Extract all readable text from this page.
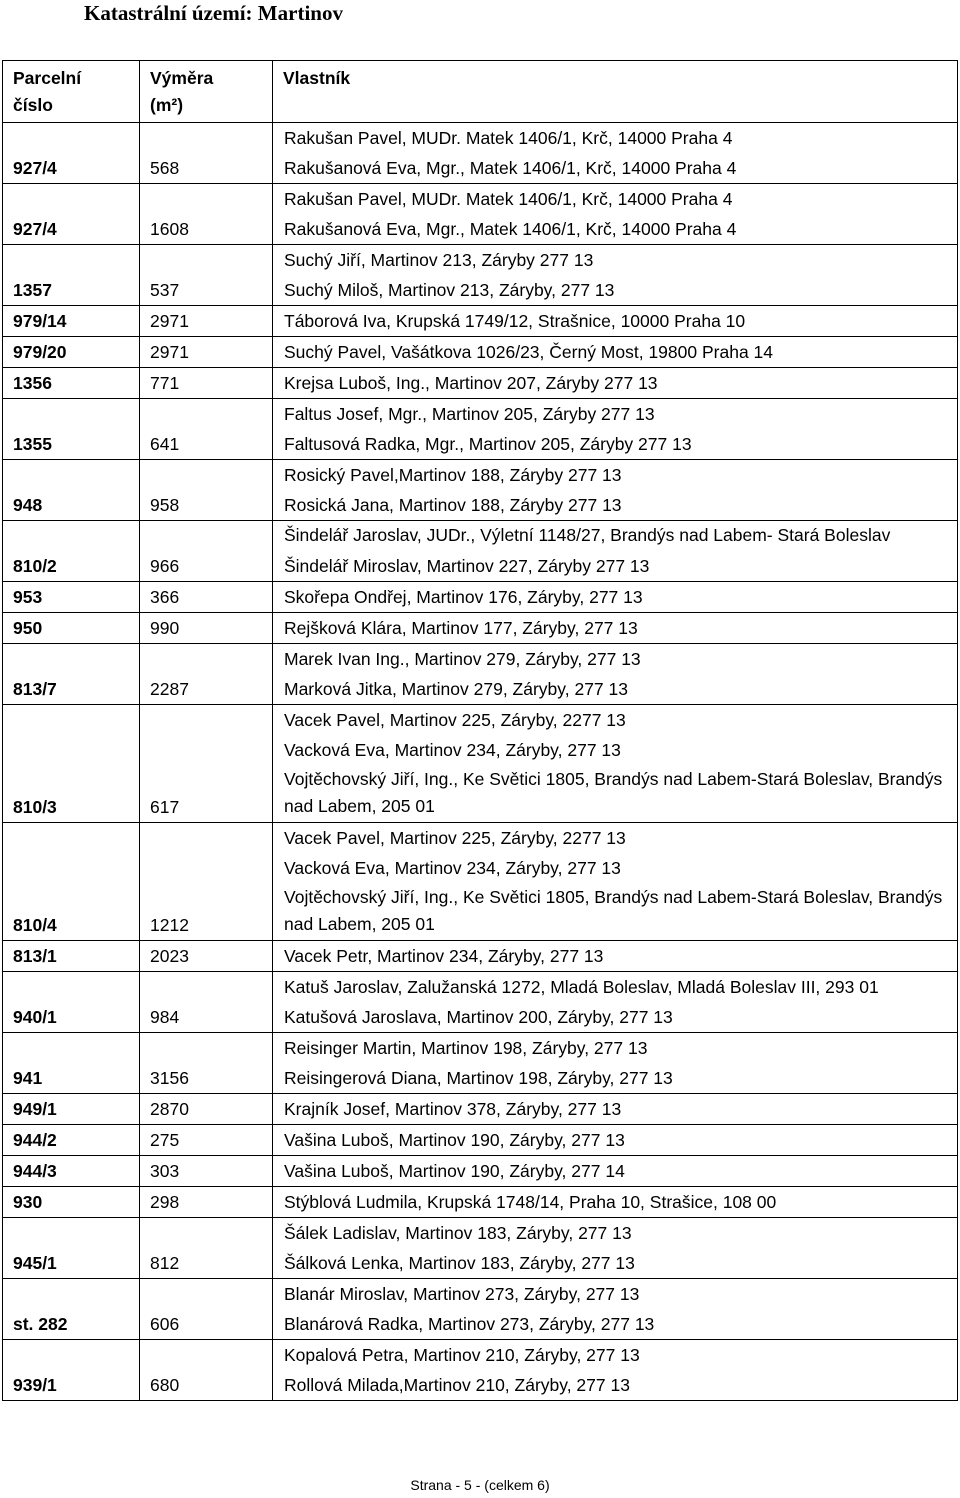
Katastrální území: Martinov
Parcelní číslo	Výměra (m²)	Vlastník

927/4	568	Rakušan Pavel, MUDr. Matek 1406/1, Krč, 14000 Praha 4
Rakušanová Eva, Mgr., Matek 1406/1, Krč, 14000 Praha 4

927/4	1608	Rakušan Pavel, MUDr. Matek 1406/1, Krč, 14000 Praha 4
Rakušanová Eva, Mgr., Matek 1406/1, Krč, 14000 Praha 4

1357	537	Suchý Jiří, Martinov 213, Záryby 277 13
Suchý Miloš, Martinov 213, Záryby, 277 13

979/14	2971	Táborová Iva, Krupská 1749/12, Strašnice, 10000 Praha 10

979/20	2971	Suchý Pavel, Vašátkova 1026/23, Černý Most, 19800 Praha 14

1356	771	Krejsa Luboš, Ing., Martinov 207, Záryby 277 13

1355	641	Faltus Josef, Mgr., Martinov 205, Záryby 277 13
Faltusová Radka, Mgr., Martinov 205, Záryby 277 13

948	958	Rosický Pavel,Martinov 188, Záryby 277 13
Rosická Jana, Martinov 188, Záryby 277 13

810/2	966	Šindelář Jaroslav, JUDr., Výletní 1148/27, Brandýs nad Labem- Stará Boleslav
Šindelář Miroslav, Martinov 227, Záryby 277 13

953	366	Skořepa Ondřej, Martinov 176, Záryby, 277 13

950	990	Rejšková Klára, Martinov 177, Záryby, 277 13

813/7	2287	Marek Ivan Ing., Martinov 279, Záryby, 277 13
Marková Jitka, Martinov 279, Záryby, 277 13

810/3	617	Vacek Pavel, Martinov 225, Záryby, 2277 13
Vacková Eva, Martinov 234, Záryby, 277 13
Vojtěchovský Jiří, Ing., Ke Světici 1805, Brandýs nad Labem-Stará Boleslav, Brandýs nad Labem, 205 01

810/4	1212	Vacek Pavel, Martinov 225, Záryby, 2277 13
Vacková Eva, Martinov 234, Záryby, 277 13
Vojtěchovský Jiří, Ing., Ke Světici 1805, Brandýs nad Labem-Stará Boleslav, Brandýs nad Labem, 205 01

813/1	2023	Vacek Petr, Martinov 234, Záryby, 277 13

940/1	984	Katuš Jaroslav, Zalužanská 1272, Mladá Boleslav, Mladá Boleslav III, 293 01
Katušová Jaroslava, Martinov 200, Záryby, 277 13

941	3156	Reisinger Martin, Martinov 198, Záryby, 277 13
Reisingerová Diana, Martinov 198, Záryby, 277 13

949/1	2870	Krajník Josef, Martinov 378, Záryby, 277 13

944/2	275	Vašina Luboš, Martinov 190, Záryby, 277 13

944/3	303	Vašina Luboš, Martinov 190, Záryby, 277 14

930	298	Stýblová Ludmila, Krupská 1748/14, Praha 10, Strašice, 108 00

945/1	812	Šálek Ladislav, Martinov 183, Záryby, 277 13
Šálková Lenka, Martinov 183, Záryby, 277 13

st. 282	606	Blanár Miroslav, Martinov 273, Záryby, 277 13
Blanárová Radka, Martinov 273, Záryby, 277 13

939/1	680	Kopalová Petra, Martinov 210, Záryby, 277 13
Rollová Milada,Martinov 210, Záryby, 277 13
Strana - 5 - (celkem 6)
